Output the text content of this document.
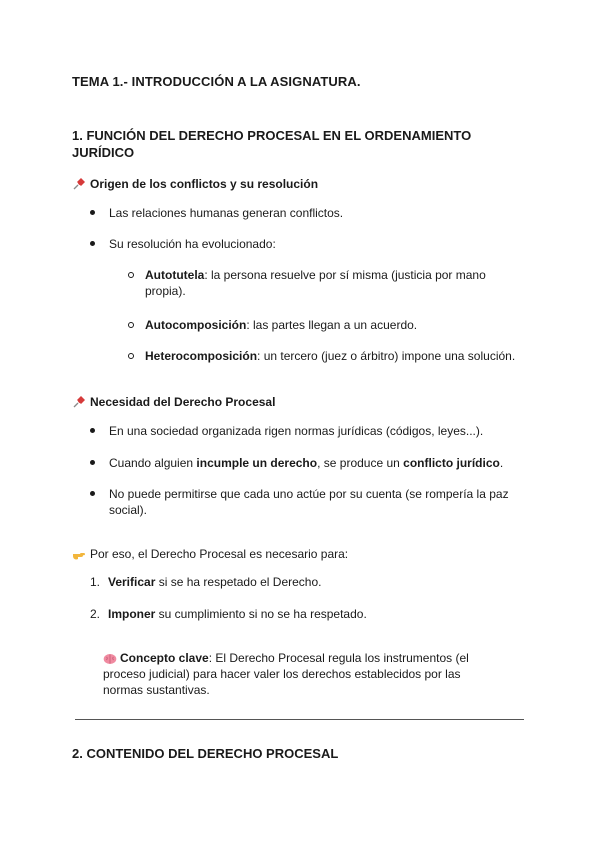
TEMA 1.- INTRODUCCIÓN A LA ASIGNATURA.
1. FUNCIÓN DEL DERECHO PROCESAL EN EL ORDENAMIENTO JURÍDICO
Origen de los conflictos y su resolución
Las relaciones humanas generan conflictos.
Su resolución ha evolucionado:
Autotutela: la persona resuelve por sí misma (justicia por mano propia).
Autocomposición: las partes llegan a un acuerdo.
Heterocomposición: un tercero (juez o árbitro) impone una solución.
Necesidad del Derecho Procesal
En una sociedad organizada rigen normas jurídicas (códigos, leyes...).
Cuando alguien incumple un derecho, se produce un conflicto jurídico.
No puede permitirse que cada uno actúe por su cuenta (se rompería la paz social).
Por eso, el Derecho Procesal es necesario para:
1. Verificar si se ha respetado el Derecho.
2. Imponer su cumplimiento si no se ha respetado.
Concepto clave: El Derecho Procesal regula los instrumentos (el proceso judicial) para hacer valer los derechos establecidos por las normas sustantivas.
2. CONTENIDO DEL DERECHO PROCESAL
